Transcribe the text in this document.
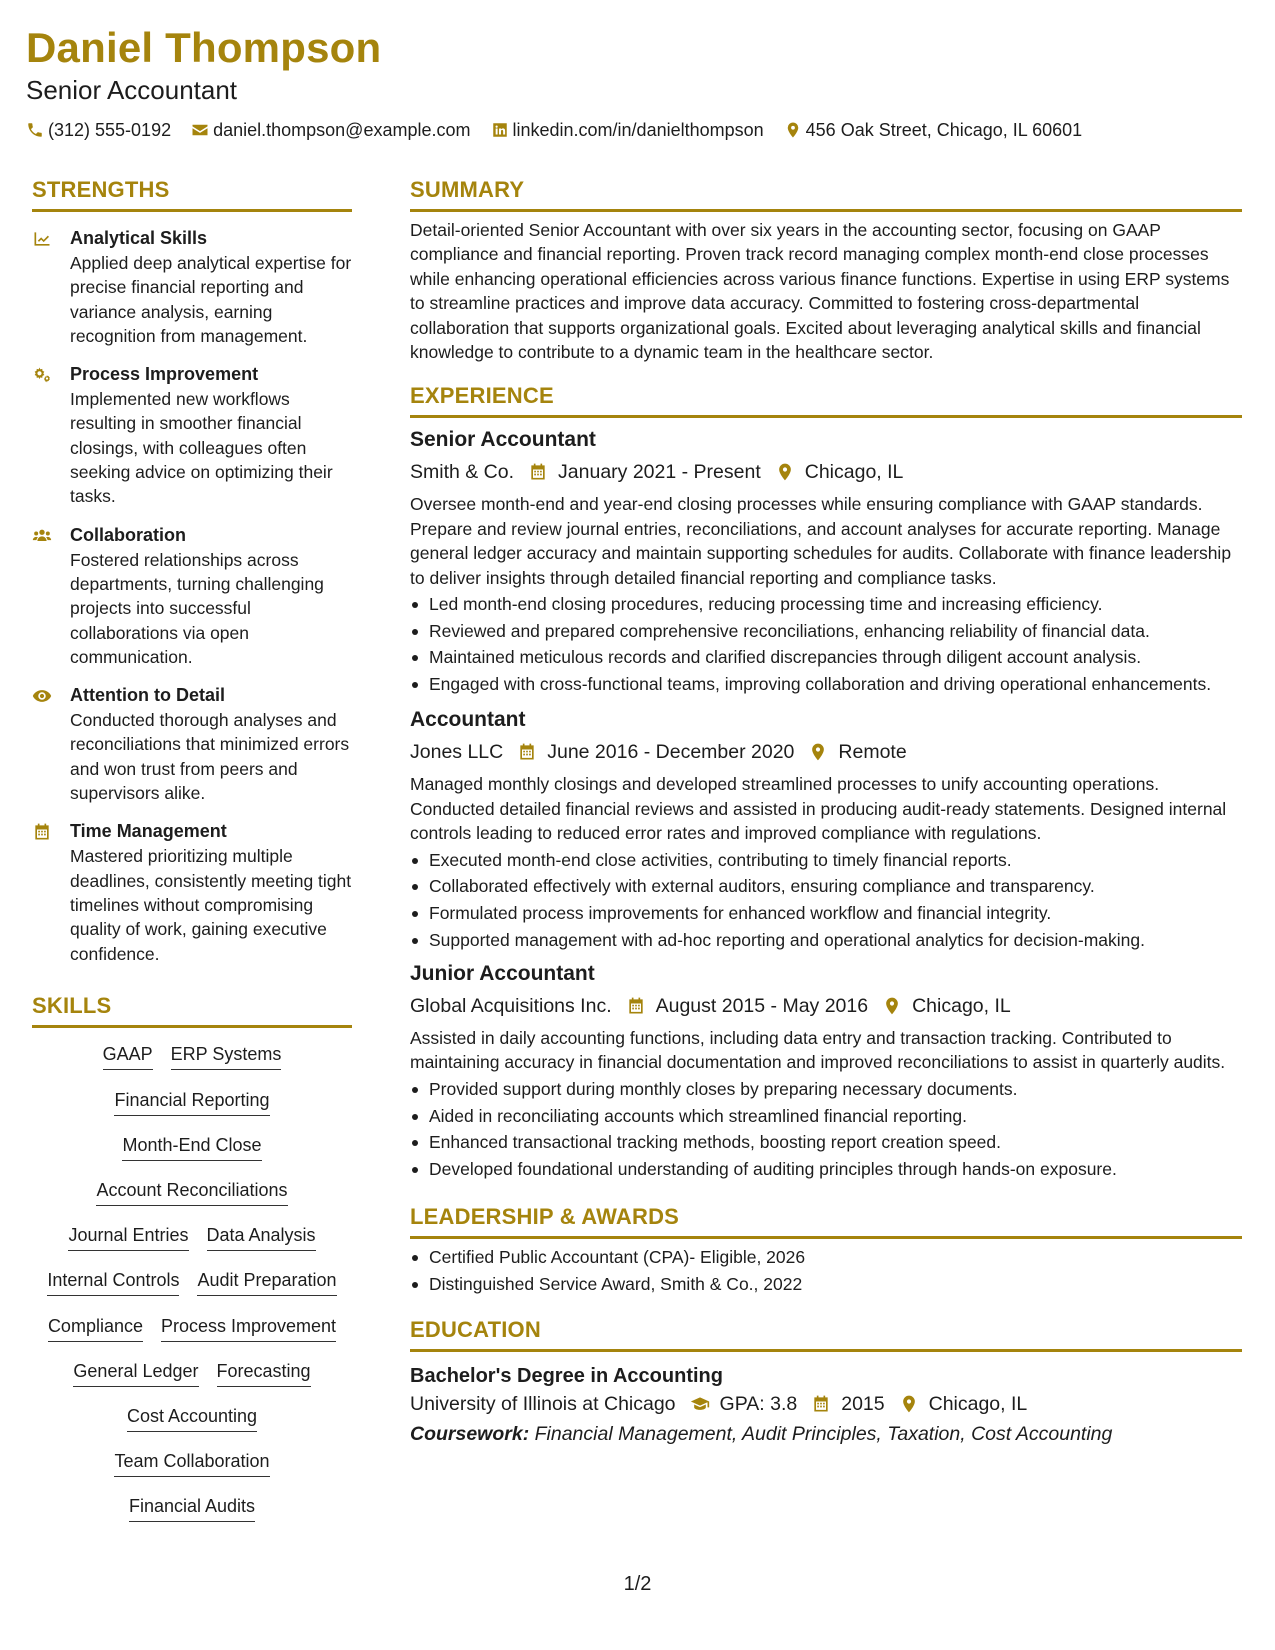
Daniel Thompson
Senior Accountant
(312) 555-0192 daniel.thompson@example.com linkedin.com/in/danielthompson 456 Oak Street, Chicago, IL 60601
STRENGTHS
Analytical Skills
Applied deep analytical expertise for precise financial reporting and variance analysis, earning recognition from management.
Process Improvement
Implemented new workflows resulting in smoother financial closings, with colleagues often seeking advice on optimizing their tasks.
Collaboration
Fostered relationships across departments, turning challenging projects into successful collaborations via open communication.
Attention to Detail
Conducted thorough analyses and reconciliations that minimized errors and won trust from peers and supervisors alike.
Time Management
Mastered prioritizing multiple deadlines, consistently meeting tight timelines without compromising quality of work, gaining executive confidence.
SKILLS
GAAP ERP Systems
Financial Reporting
Month-End Close
Account Reconciliations
Journal Entries Data Analysis
Internal Controls Audit Preparation
Compliance Process Improvement
General Ledger Forecasting
Cost Accounting
Team Collaboration
Financial Audits
SUMMARY
Detail-oriented Senior Accountant with over six years in the accounting sector, focusing on GAAP compliance and financial reporting. Proven track record managing complex month-end close processes while enhancing operational efficiencies across various finance functions. Expertise in using ERP systems to streamline practices and improve data accuracy. Committed to fostering cross-departmental collaboration that supports organizational goals. Excited about leveraging analytical skills and financial knowledge to contribute to a dynamic team in the healthcare sector.
EXPERIENCE
Senior Accountant
Smith & Co. January 2021 - Present Chicago, IL
Oversee month-end and year-end closing processes while ensuring compliance with GAAP standards. Prepare and review journal entries, reconciliations, and account analyses for accurate reporting. Manage general ledger accuracy and maintain supporting schedules for audits. Collaborate with finance leadership to deliver insights through detailed financial reporting and compliance tasks.
Led month-end closing procedures, reducing processing time and increasing efficiency.
Reviewed and prepared comprehensive reconciliations, enhancing reliability of financial data.
Maintained meticulous records and clarified discrepancies through diligent account analysis.
Engaged with cross-functional teams, improving collaboration and driving operational enhancements.
Accountant
Jones LLC June 2016 - December 2020 Remote
Managed monthly closings and developed streamlined processes to unify accounting operations. Conducted detailed financial reviews and assisted in producing audit-ready statements. Designed internal controls leading to reduced error rates and improved compliance with regulations.
Executed month-end close activities, contributing to timely financial reports.
Collaborated effectively with external auditors, ensuring compliance and transparency.
Formulated process improvements for enhanced workflow and financial integrity.
Supported management with ad-hoc reporting and operational analytics for decision-making.
Junior Accountant
Global Acquisitions Inc. August 2015 - May 2016 Chicago, IL
Assisted in daily accounting functions, including data entry and transaction tracking. Contributed to maintaining accuracy in financial documentation and improved reconciliations to assist in quarterly audits.
Provided support during monthly closes by preparing necessary documents.
Aided in reconciliating accounts which streamlined financial reporting.
Enhanced transactional tracking methods, boosting report creation speed.
Developed foundational understanding of auditing principles through hands-on exposure.
LEADERSHIP & AWARDS
Certified Public Accountant (CPA)- Eligible, 2026
Distinguished Service Award, Smith & Co., 2022
EDUCATION
Bachelor's Degree in Accounting
University of Illinois at Chicago GPA: 3.8 2015 Chicago, IL
Coursework: Financial Management, Audit Principles, Taxation, Cost Accounting
1/2
